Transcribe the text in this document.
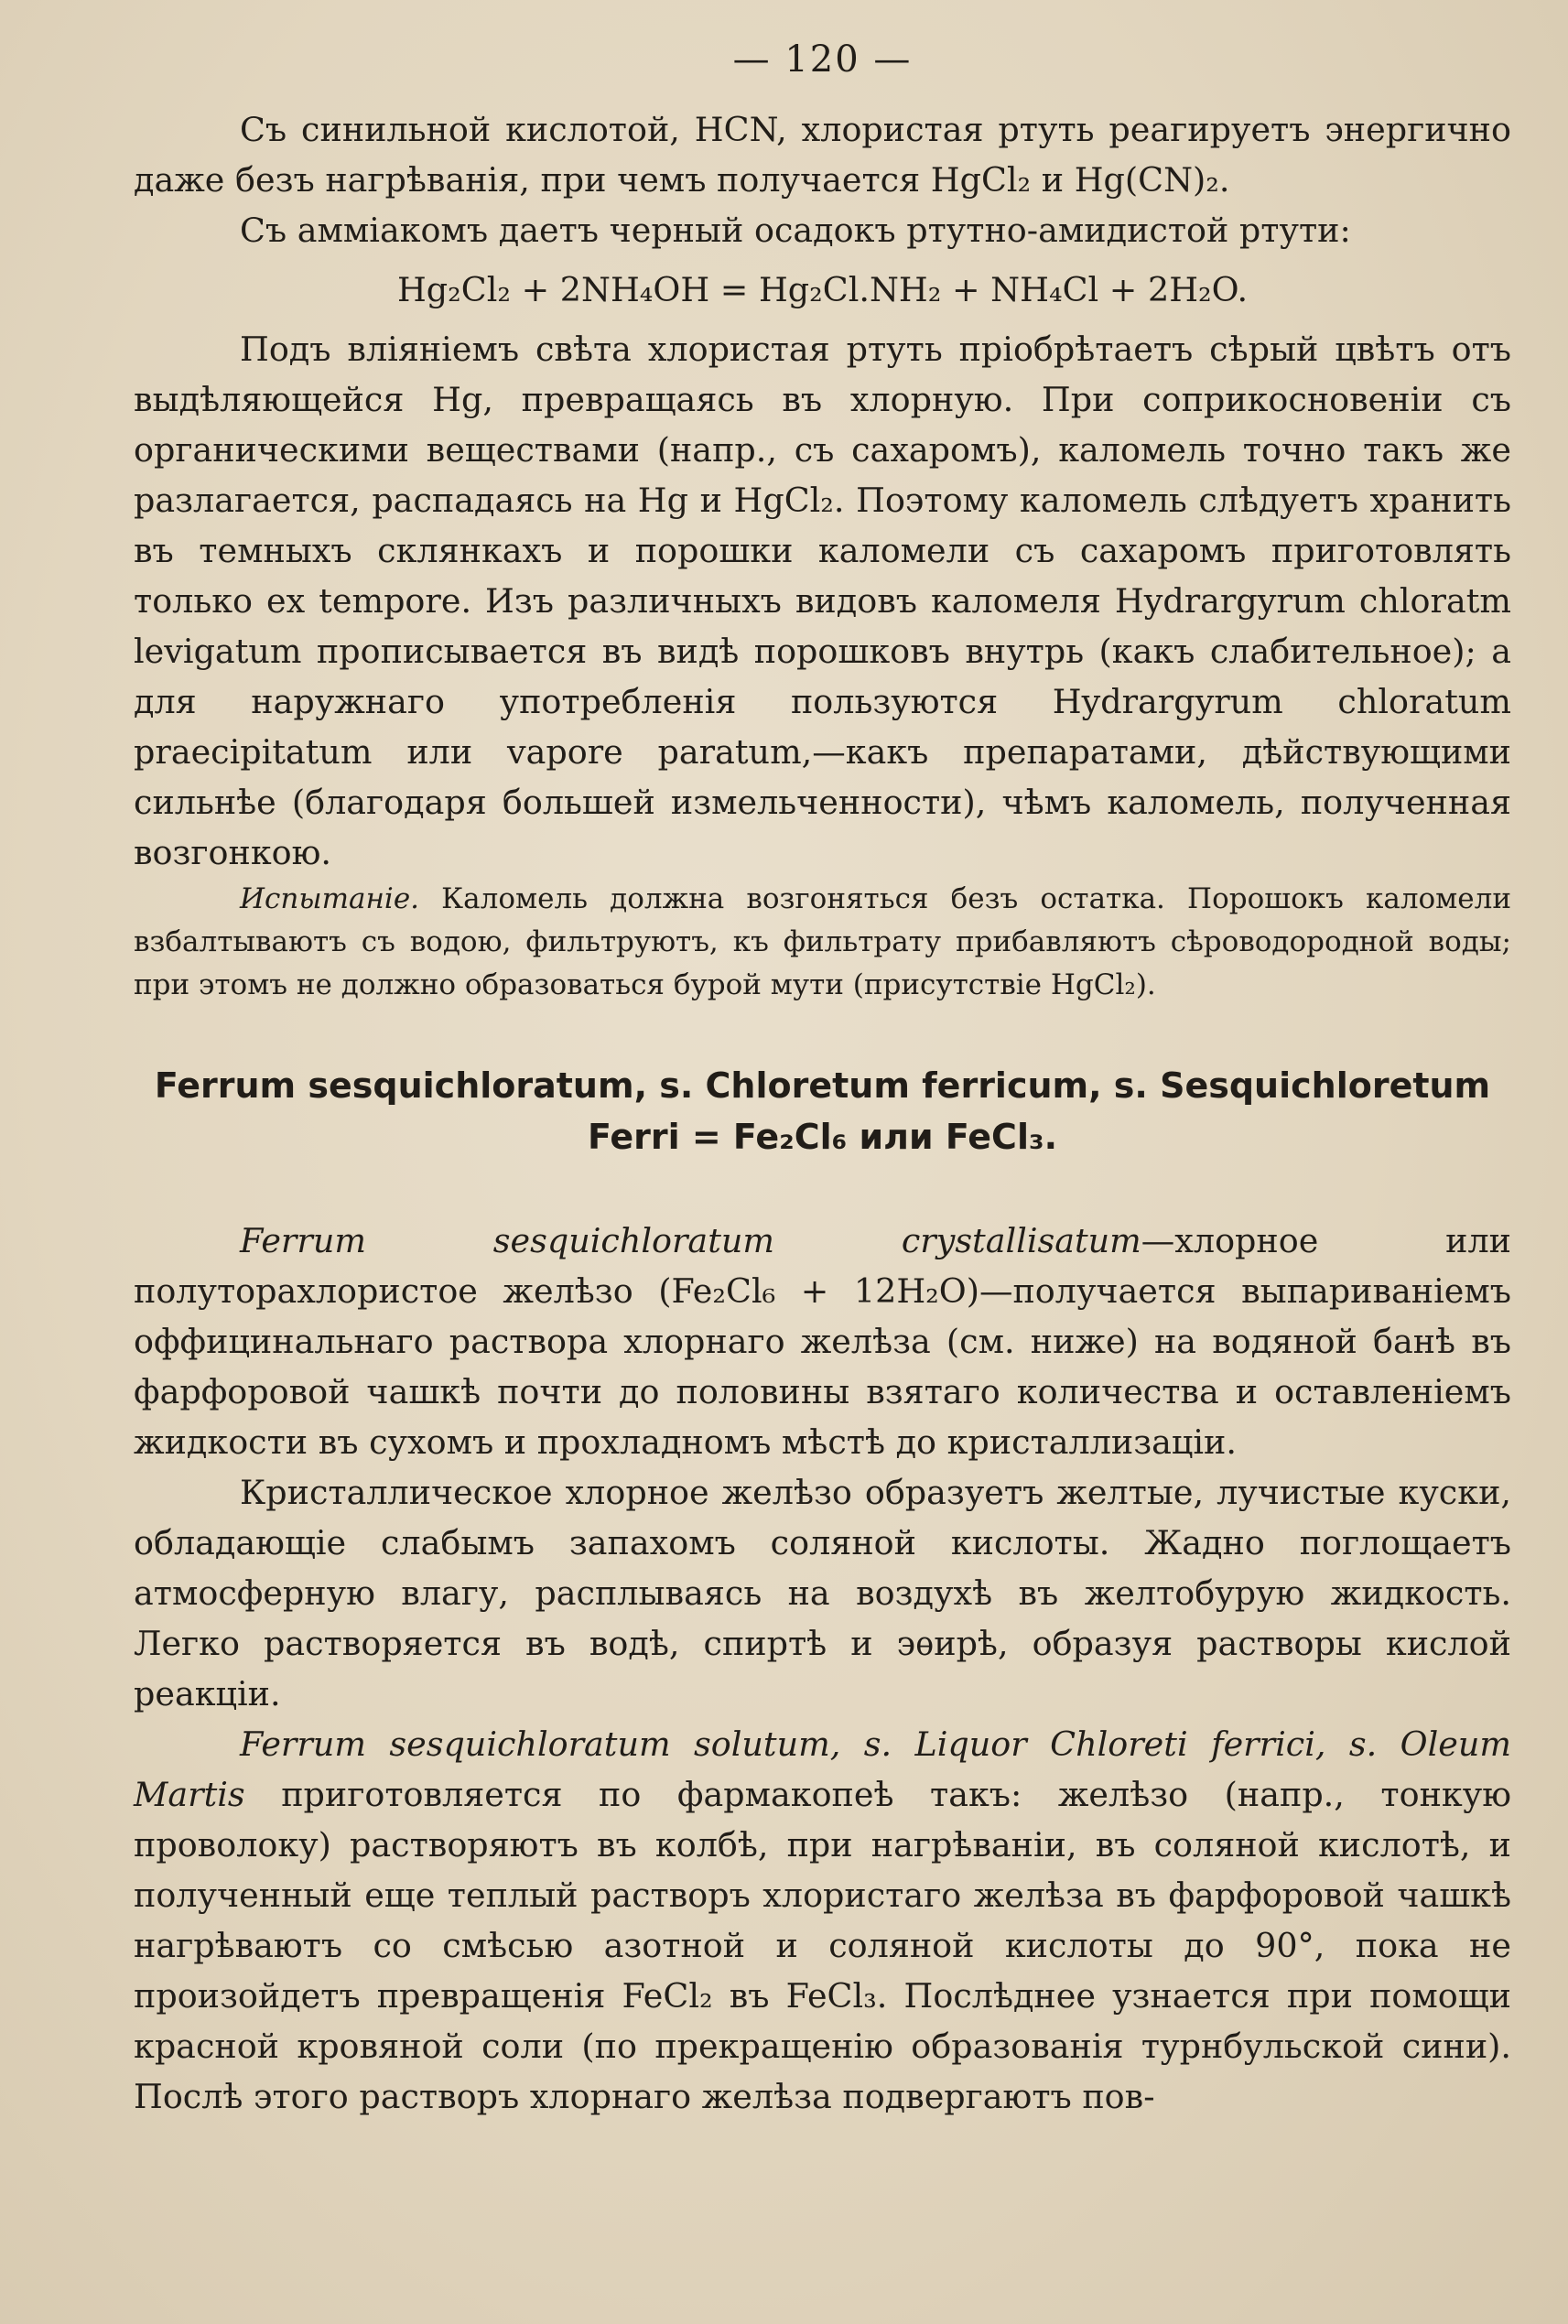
— 120 —

Съ синильной кислотой, HCN, хлористая ртуть реагируетъ энергично даже безъ нагрѣванія, при чемъ получается HgCl₂ и Hg(CN)₂.

Съ амміакомъ даетъ черный осадокъ ртутно-амидистой ртути:

Hg₂Cl₂ + 2NH₄OH = Hg₂Cl.NH₂ + NH₄Cl + 2H₂O.

Подъ вліяніемъ свѣта хлористая ртуть пріобрѣтаетъ сѣрый цвѣтъ отъ выдѣляющейся Hg, превращаясь въ хлорную. При соприкосновеніи съ органическими веществами (напр., съ сахаромъ), каломель точно такъ же разлагается, распадаясь на Hg и HgCl₂. Поэтому каломель слѣдуетъ хранить въ темныхъ склянкахъ и порошки каломели съ сахаромъ приготовлять только ex tempore. Изъ различныхъ видовъ каломеля Hydrargyrum chloratm levigatum прописывается въ видѣ порошковъ внутрь (какъ слабительное); а для наружнаго употребленія пользуются Hydrargyrum chloratum praecipitatum или vapore paratum,—какъ препаратами, дѣйствующими сильнѣе (благодаря большей измельченности), чѣмъ каломель, полученная возгонкою.

Испытаніе. Каломель должна возгоняться безъ остатка. Порошокъ каломели взбалтываютъ съ водою, фильтруютъ, къ фильтрату прибавляютъ сѣроводородной воды; при этомъ не должно образоваться бурой мути (присутствіе HgCl₂).

Ferrum sesquichloratum, s. Chloretum ferricum, s. Sesquichloretum
Ferri = Fe₂Cl₆ или FeCl₃.

Ferrum sesquichloratum crystallisatum—хлорное или полуторахлористое желѣзо (Fe₂Cl₆ + 12H₂O)—получается выпариваніемъ оффицинальнаго раствора хлорнаго желѣза (см. ниже) на водяной банѣ въ фарфоровой чашкѣ почти до половины взятаго количества и оставленіемъ жидкости въ сухомъ и прохладномъ мѣстѣ до кристаллизаціи.

Кристаллическое хлорное желѣзо образуетъ желтые, лучистые куски, обладающіе слабымъ запахомъ соляной кислоты. Жадно поглощаетъ атмосферную влагу, расплываясь на воздухѣ въ желтобурую жидкость. Легко растворяется въ водѣ, спиртѣ и эѳирѣ, образуя растворы кислой реакціи.

Ferrum sesquichloratum solutum, s. Liquor Chloreti ferrici, s. Oleum Martis приготовляется по фармакопеѣ такъ: желѣзо (напр., тонкую проволоку) растворяютъ въ колбѣ, при нагрѣваніи, въ соляной кислотѣ, и полученный еще теплый растворъ хлористаго желѣза въ фарфоровой чашкѣ нагрѣваютъ со смѣсью азотной и соляной кислоты до 90°, пока не произойдетъ превращенія FeCl₂ въ FeCl₃. Послѣднее узнается при помощи красной кровяной соли (по прекращенію образованія турнбульской сини). Послѣ этого растворъ хлорнаго желѣза подвергаютъ пов-
